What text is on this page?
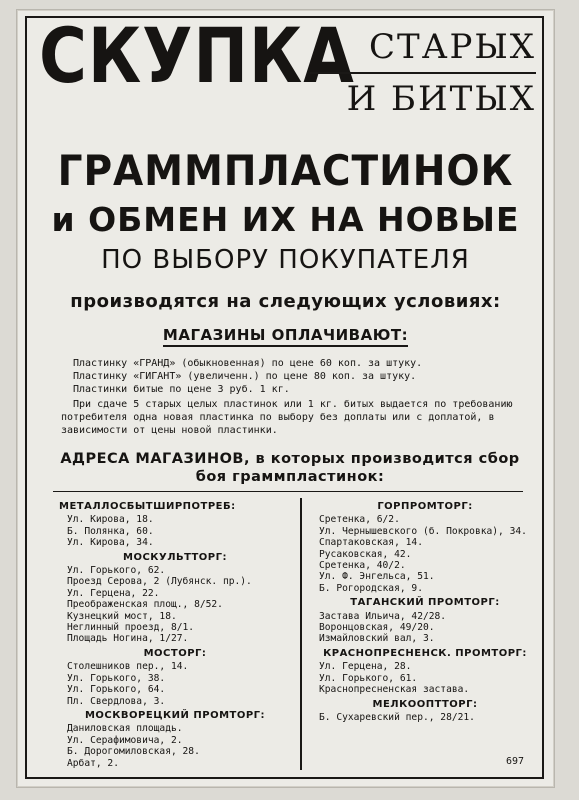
СКУПКА СТАРЫХ
И БИТЫХ
ГРАММПЛАСТИНОК
и ОБМЕН ИХ НА НОВЫЕ
ПО ВЫБОРУ ПОКУПАТЕЛЯ
производятся на следующих условиях:
МАГАЗИНЫ ОПЛАЧИВАЮТ:
Пластинку «ГРАНД» (обыкновенная) по цене 60 коп. за штуку.
Пластинку «ГИГАНТ» (увеличенн.) по цене 80 коп. за штуку.
Пластинки битые по цене 3 руб. 1 кг.
При сдаче 5 старых целых пластинок или 1 кг. битых выдается по требованию потребителя одна новая пластинка по выбору без доплаты или с доплатой, в зависимости от цены новой пластинки.
АДРЕСА МАГАЗИНОВ, в которых производится сбор боя граммпластинок:
МЕТАЛЛОСБЫТШИРПОТРЕБ:
Ул. Кирова, 18.
Б. Полянка, 60.
Ул. Кирова, 34.
МОСКУЛЬТТОРГ:
Ул. Горького, 62.
Проезд Серова, 2 (Лубянск. пр.).
Ул. Герцена, 22.
Преображенская площ., 8/52.
Кузнецкий мост, 18.
Неглинный проезд, 8/1.
Площадь Ногина, 1/27.
МОСТОРГ:
Столешников пер., 14.
Ул. Горького, 38.
Ул. Горького, 64.
Пл. Свердлова, 3.
МОСКВОРЕЦКИЙ ПРОМТОРГ:
Даниловская площадь.
Ул. Серафимовича, 2.
Б. Дорогомиловская, 28.
Арбат, 2.
ГОРПРОМТОРГ:
Сретенка, 6/2.
Ул. Чернышевского (б. Покровка), 34.
Спартаковская, 14.
Русаковская, 42.
Сретенка, 40/2.
Ул. Ф. Энгельса, 51.
Б. Рогородская, 9.
ТАГАНСКИЙ ПРОМТОРГ:
Застава Ильича, 42/28.
Воронцовская, 49/20.
Измайловский вал, 3.
КРАСНОПРЕСНЕНСК. ПРОМТОРГ:
Ул. Герцена, 28.
Ул. Горького, 61.
Краснопресненская застава.
МЕЛКООПТТОРГ:
Б. Сухаревский пер., 28/21.
697
